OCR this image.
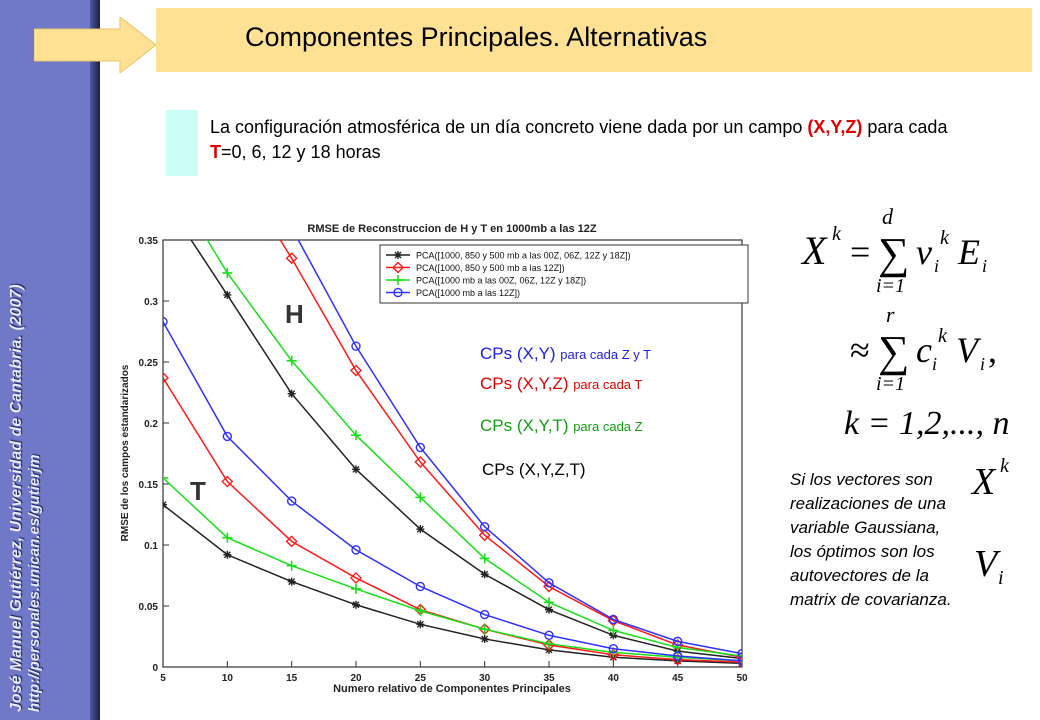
José Manuel Gutiérrez, Universidad de Cantabria. (2007) http://personales.unican.es/gutierjm
Componentes Principales. Alternativas
La configuración atmosférica de un día concreto viene dada por un campo (X,Y,Z) para cada T=0, 6, 12 y 18 horas
5	10	15	20	25	30	35	40	45	50
0
0.05
0.1
0.15
0.2
0.25
0.3
0.35
PCA([1000, 850 y 500 mb a las 00Z, 06Z, 12Z y 18Z])
PCA([1000, 850 y 500 mb a las 12Z])
PCA([1000 mb a las 00Z, 06Z, 12Z y 18Z])
PCA([1000 mb a las 12Z])
RMSE de Reconstruccion de H y T en 1000mb a las 12Z
Numero relativo de Componentes Principales
RMSE de los campos estandarizados
H
T
CPs (X,Y) para cada Z y T
CPs (X,Y,Z) para cada T
CPs (X,Y,T) para cada Z
CPs (X,Y,Z,T)
X k =
d
∑
i=1
v i
k E i
≈
r
∑
i=1
c i
k V i ,
k = 1,2,..., n
X k
V i
Si los vectores son realizaciones de una variable Gaussiana, los óptimos son los autovectores de la matrix de covarianza.
